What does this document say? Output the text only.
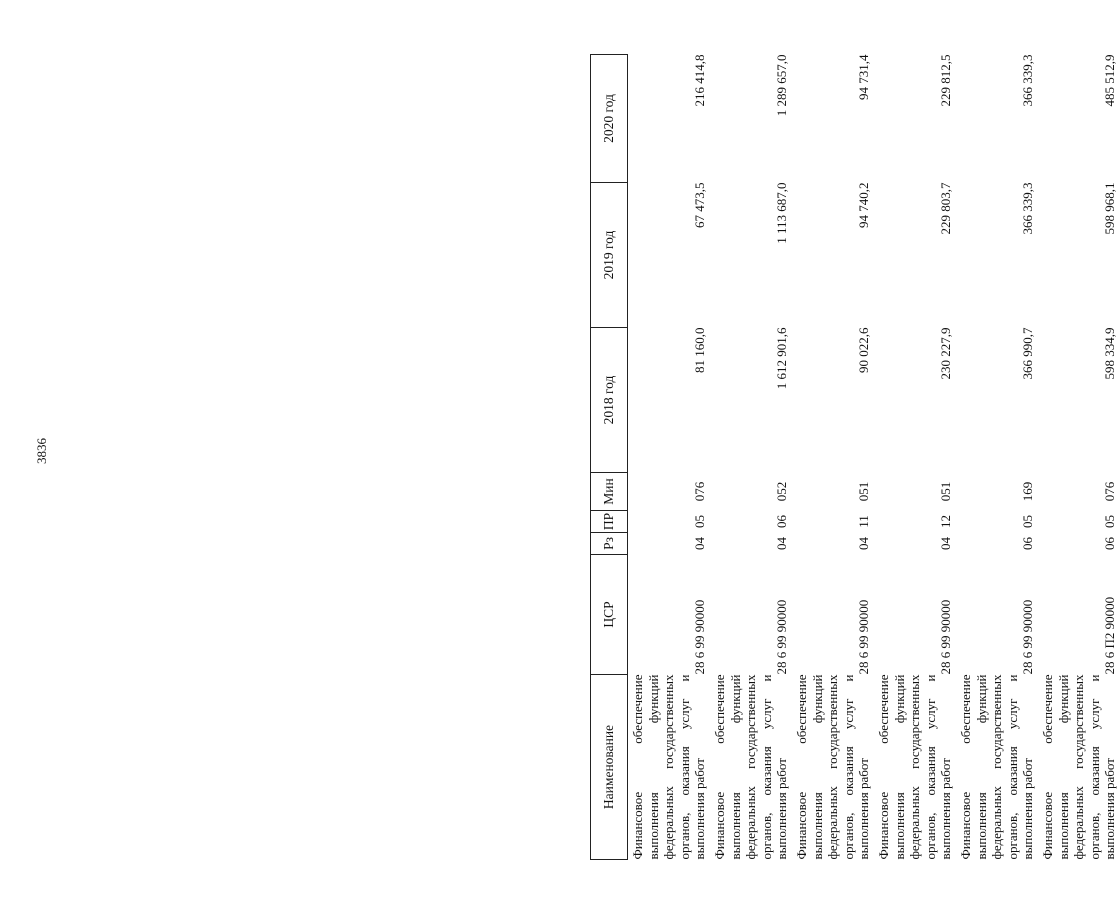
3836
Наименование	ЦСР	Рз	ПР	Мин	2018 год	2019 год	2020 год
Финансовое обеспечение выполнения функций федеральных государственных органов, оказания услуг и выполнения работ	28 6 99 90000	04	05	076	81 160,0	67 473,5	216 414,8
Финансовое обеспечение выполнения функций федеральных государственных органов, оказания услуг и выполнения работ	28 6 99 90000	04	06	052	1 612 901,6	1 113 687,0	1 289 657,0
Финансовое обеспечение выполнения функций федеральных государственных органов, оказания услуг и выполнения работ	28 6 99 90000	04	11	051	90 022,6	94 740,2	94 731,4
Финансовое обеспечение выполнения функций федеральных государственных органов, оказания услуг и выполнения работ	28 6 99 90000	04	12	051	230 227,9	229 803,7	229 812,5
Финансовое обеспечение выполнения функций федеральных государственных органов, оказания услуг и выполнения работ	28 6 99 90000	06	05	169	366 990,7	366 339,3	366 339,3
Финансовое обеспечение выполнения функций федеральных государственных органов, оказания услуг и выполнения работ	28 6 П2 90000	06	05	076	598 334,9	598 968,1	485 512,9
